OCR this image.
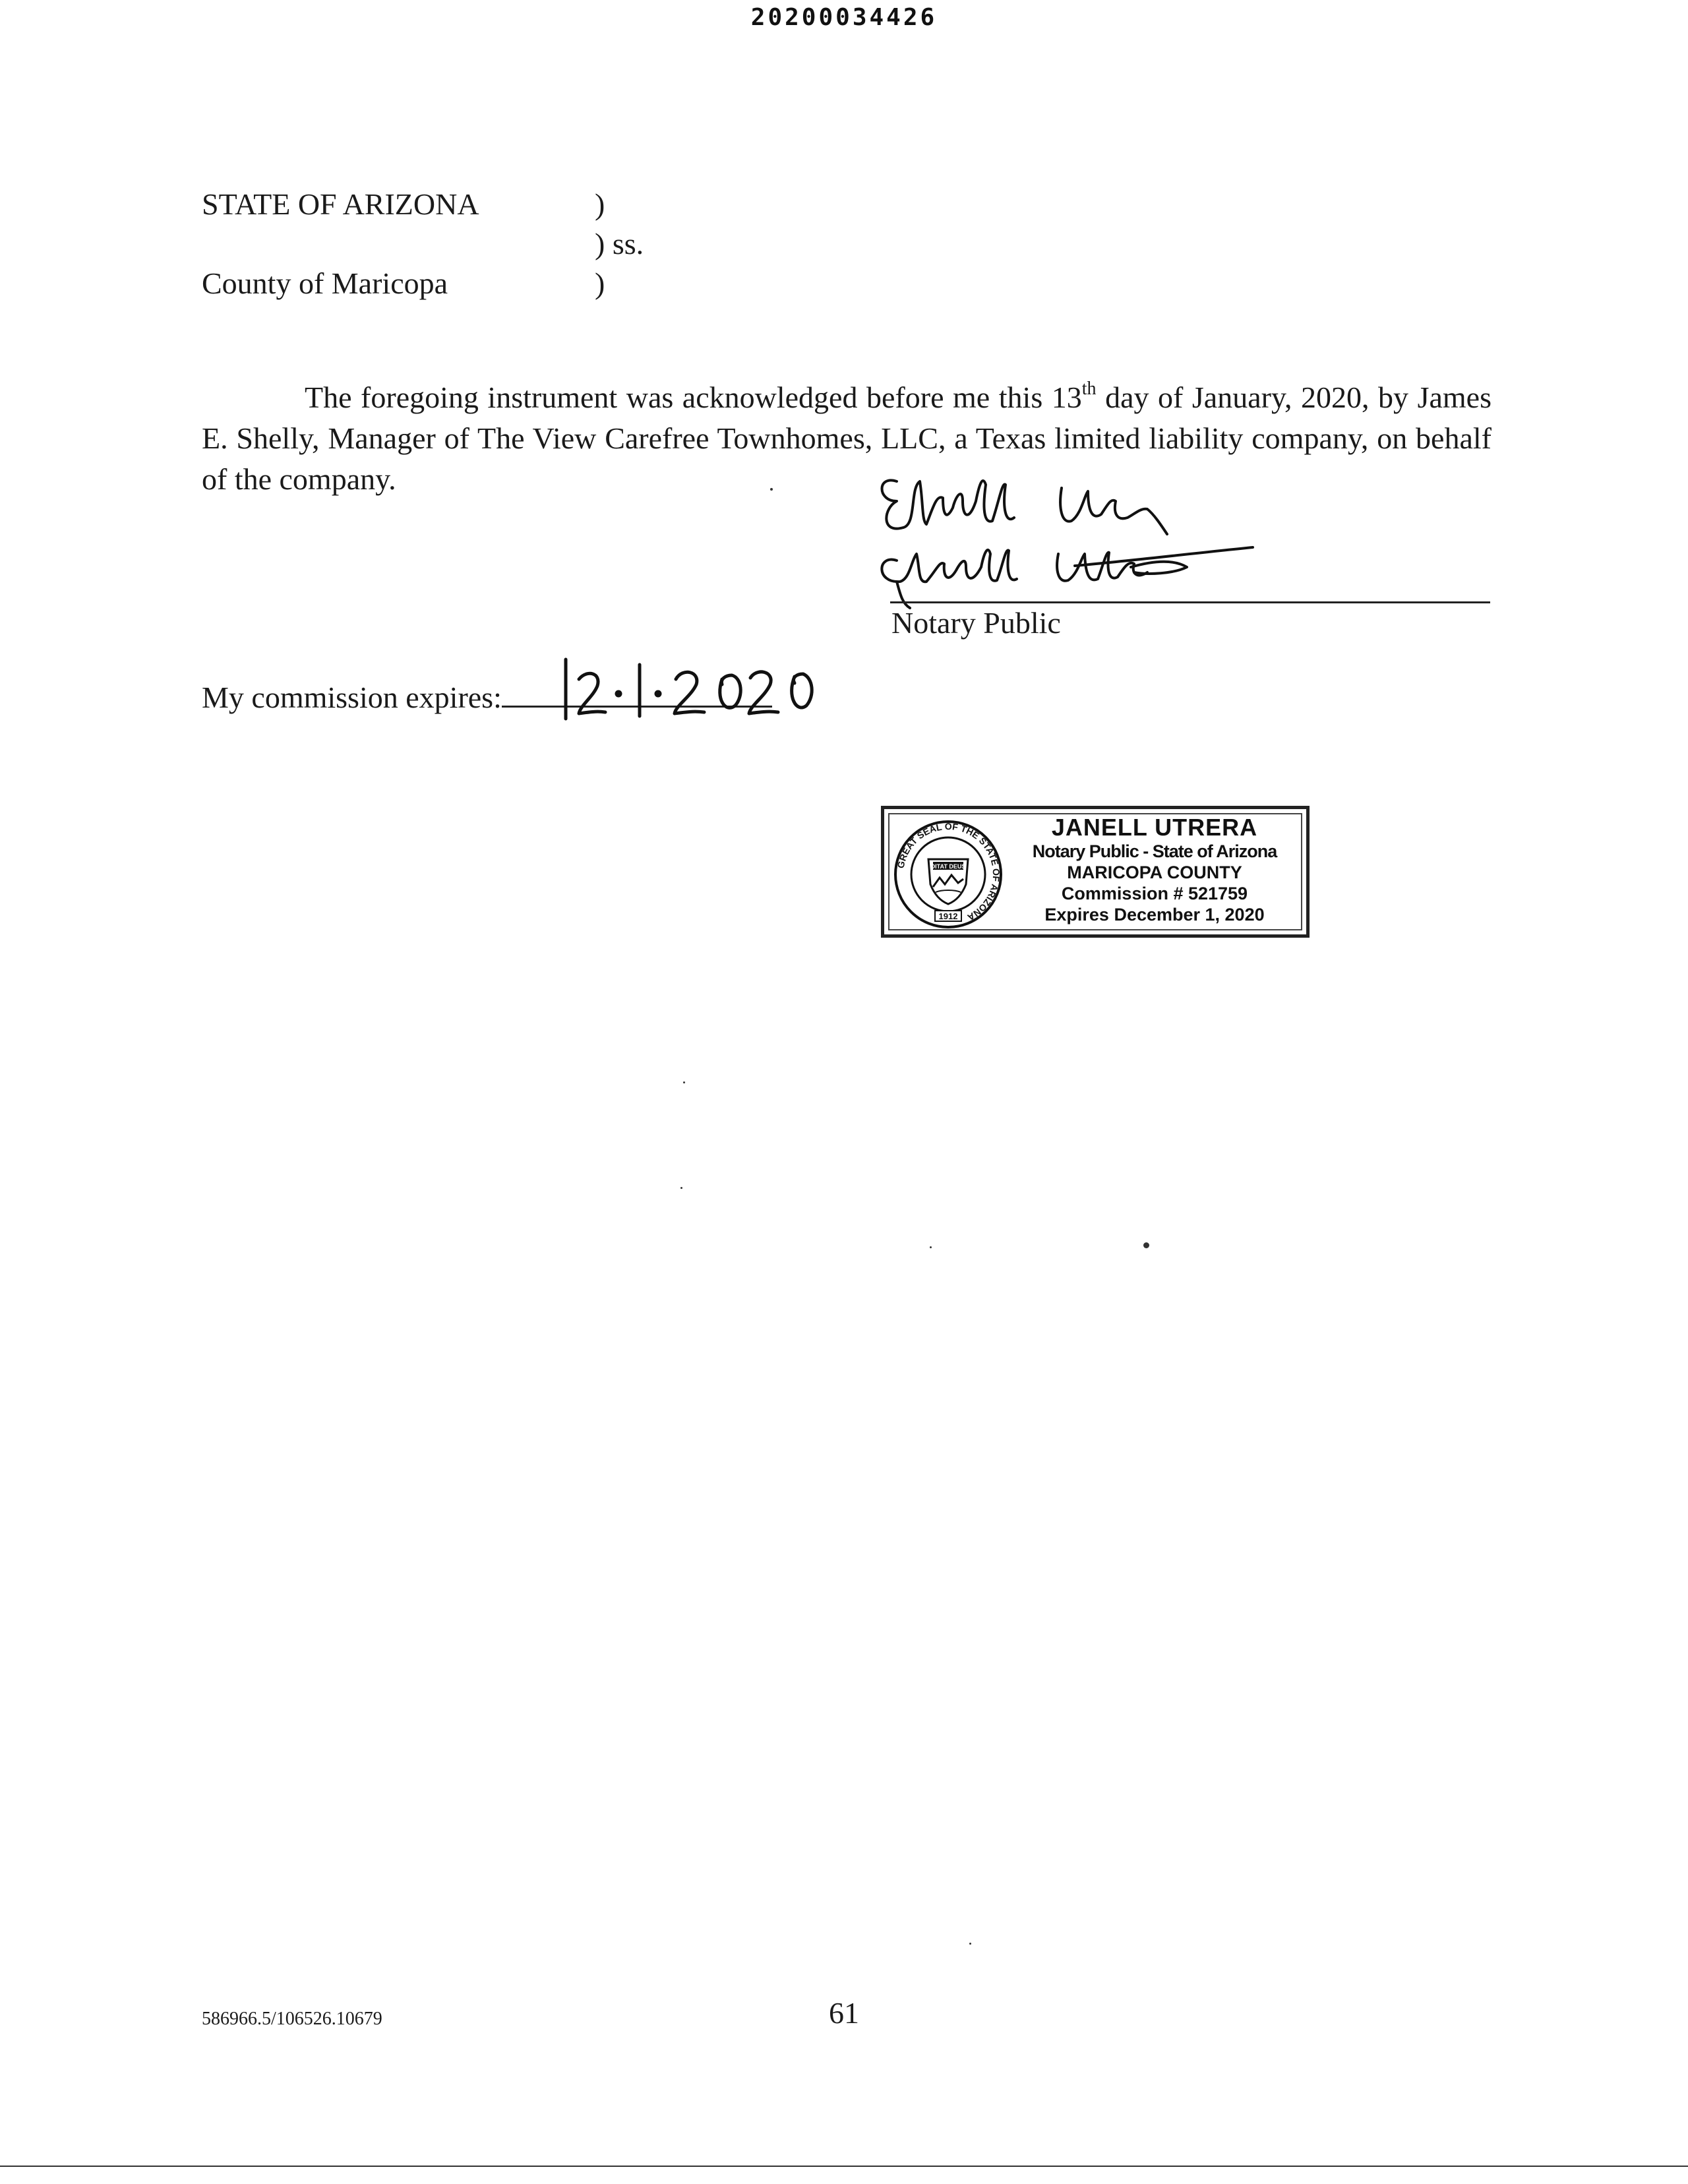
20200034426
STATE OF ARIZONA	)
) ss.
County of Maricopa	)

The foregoing instrument was acknowledged before me this 13th day of January, 2020, by James E. Shelly, Manager of The View Carefree Townhomes, LLC, a Texas limited liability company, on behalf of the company.

Notary Public
My commission expires:
GREAT SEAL OF THE STATE OF ARIZONA
DITAT DEUS
1912
JANELL UTRERA
Notary Public - State of Arizona
MARICOPA COUNTY
Commission # 521759
Expires December 1, 2020
586966.5/106526.10679	61
